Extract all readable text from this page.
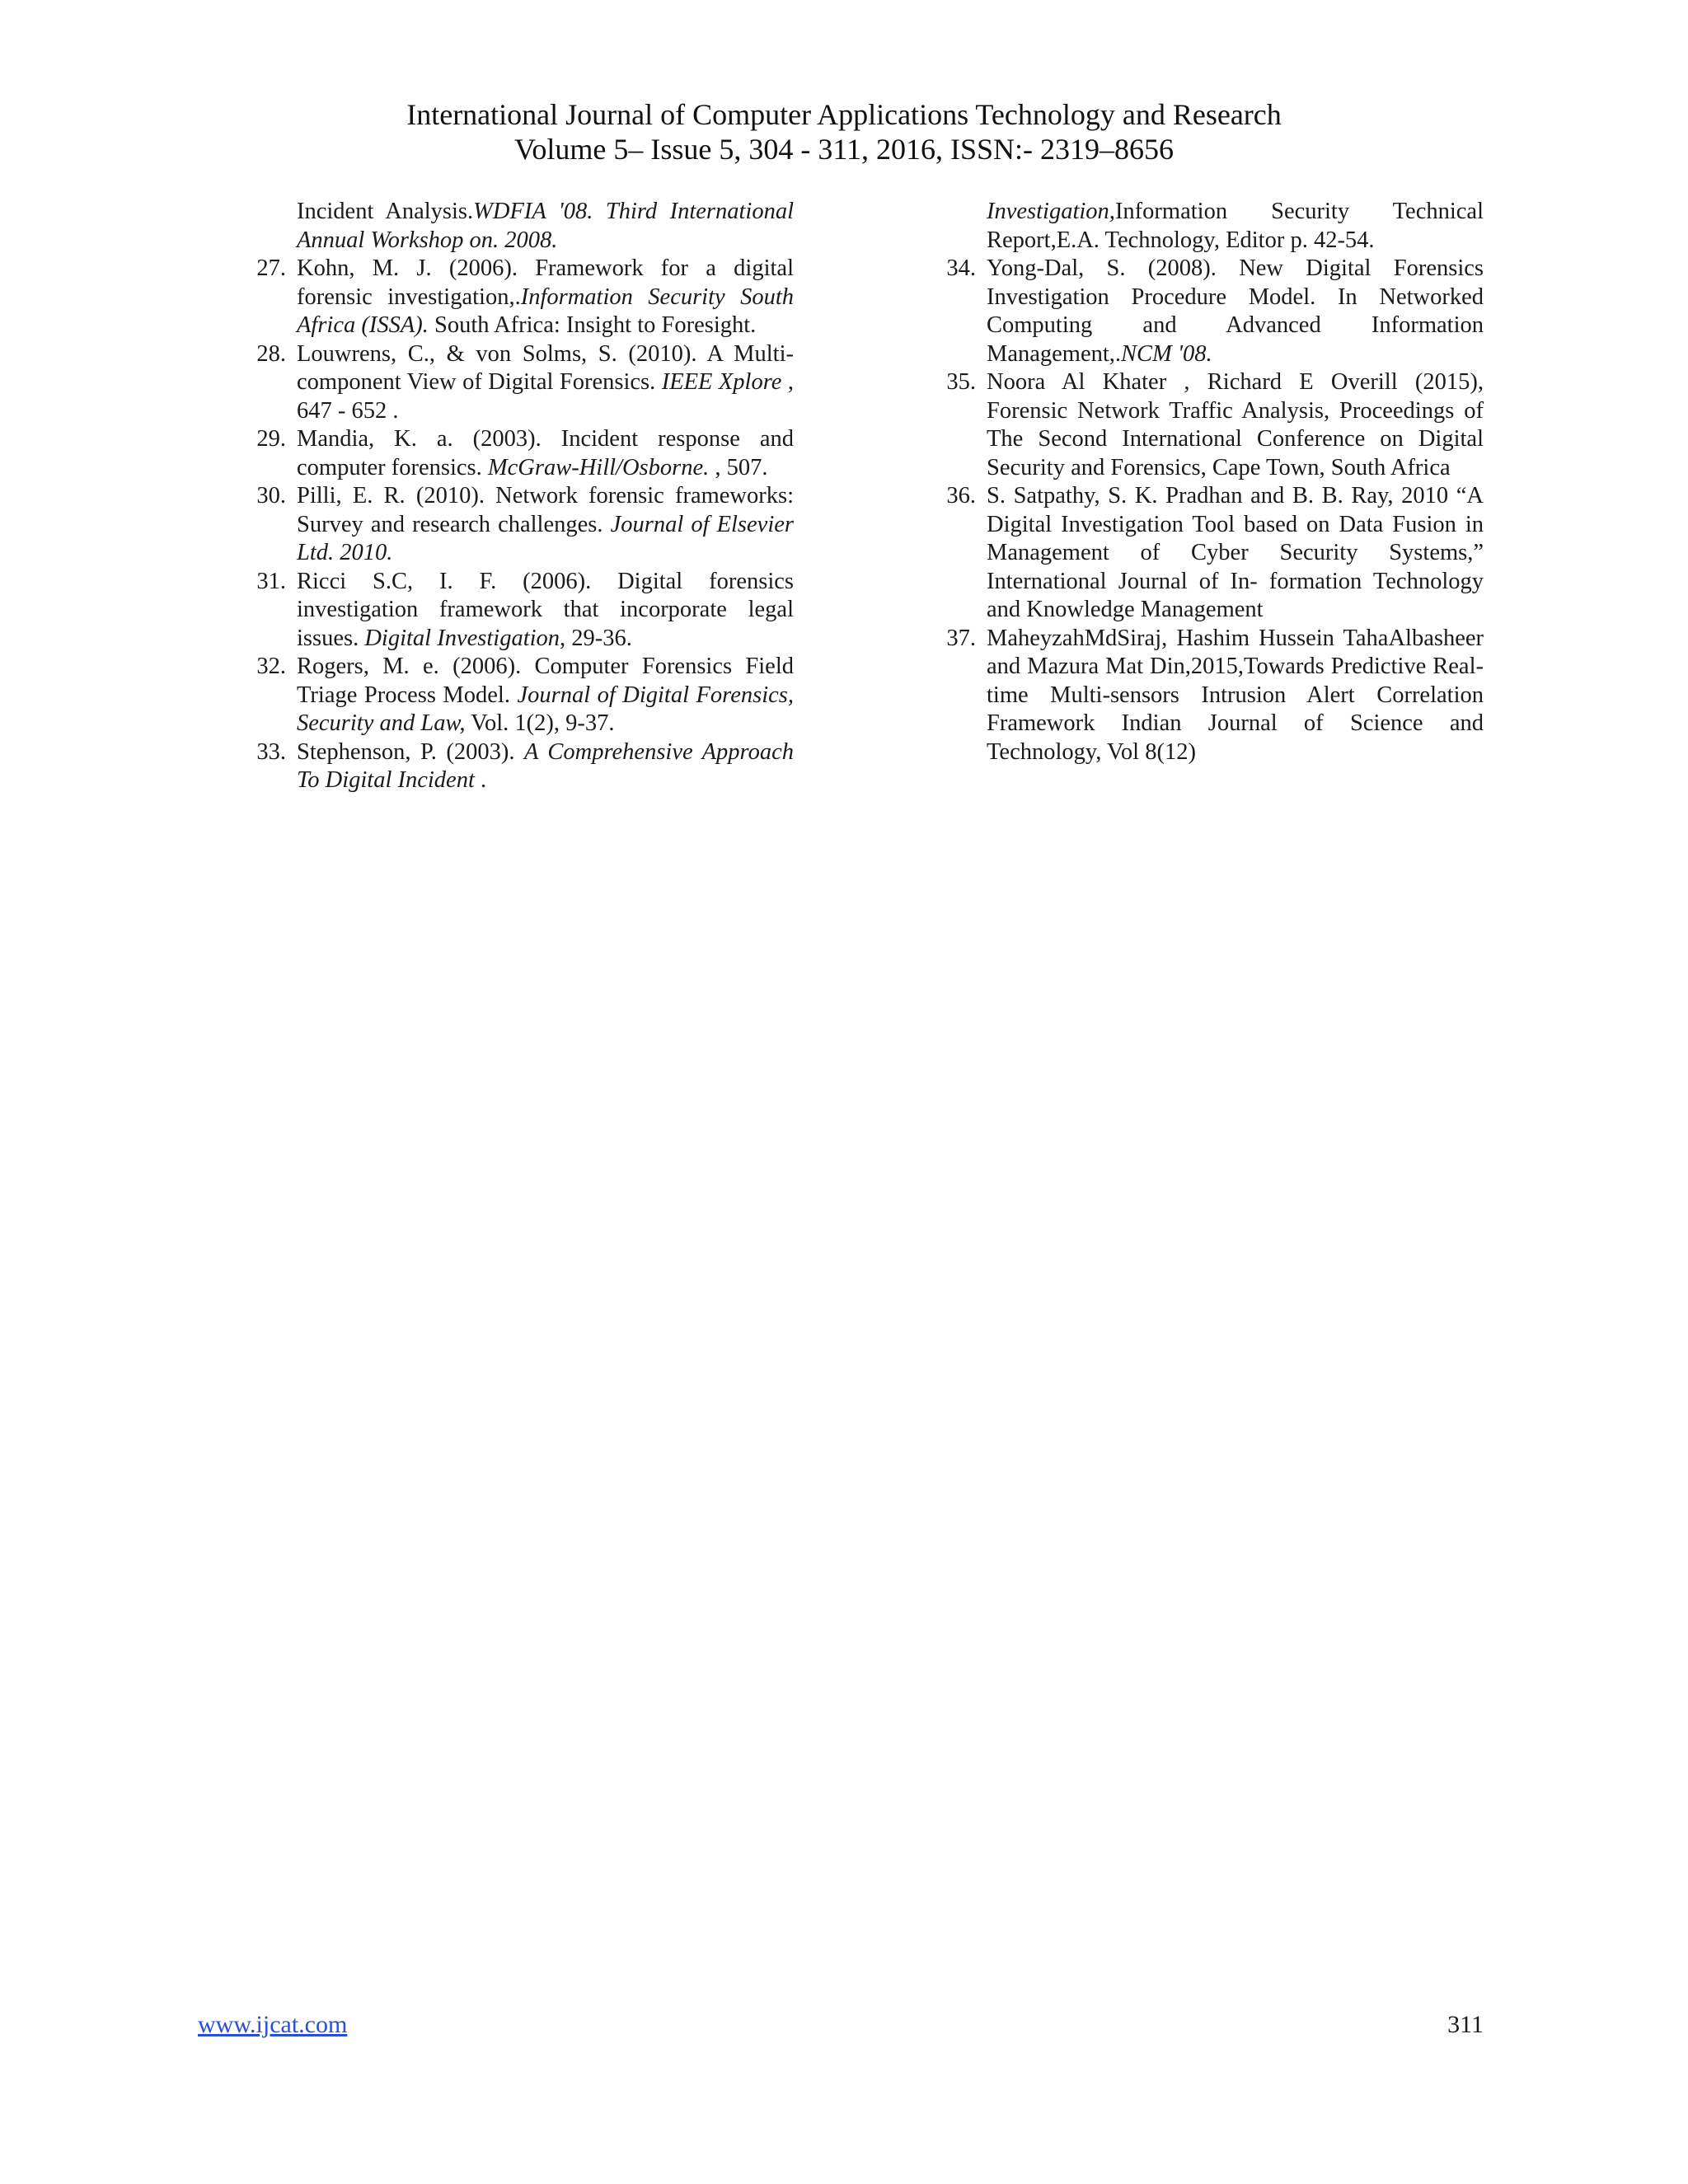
International Journal of Computer Applications Technology and Research
Volume 5– Issue 5, 304 - 311, 2016, ISSN:- 2319–8656
Incident Analysis.WDFIA '08. Third International Annual Workshop on. 2008.
27. Kohn, M. J. (2006). Framework for a digital forensic investigation,.Information Security South Africa (ISSA). South Africa: Insight to Foresight.
28. Louwrens, C., & von Solms, S. (2010). A Multi-component View of Digital Forensics. IEEE Xplore , 647 - 652 .
29. Mandia, K. a. (2003). Incident response and computer forensics. McGraw-Hill/Osborne. , 507.
30. Pilli, E. R. (2010). Network forensic frameworks: Survey and research challenges. Journal of Elsevier Ltd. 2010.
31. Ricci S.C, I. F. (2006). Digital forensics investigation framework that incorporate legal issues. Digital Investigation, 29-36.
32. Rogers, M. e. (2006). Computer Forensics Field Triage Process Model. Journal of Digital Forensics, Security and Law, Vol. 1(2), 9-37.
33. Stephenson, P. (2003). A Comprehensive Approach To Digital Incident .
Investigation,Information Security Technical Report,E.A. Technology, Editor p. 42-54.
34. Yong-Dal, S. (2008). New Digital Forensics Investigation Procedure Model. In Networked Computing and Advanced Information Management,.NCM '08.
35. Noora Al Khater , Richard E Overill (2015), Forensic Network Traffic Analysis, Proceedings of The Second International Conference on Digital Security and Forensics, Cape Town, South Africa
36. S. Satpathy, S. K. Pradhan and B. B. Ray, 2010 “A Digital Investigation Tool based on Data Fusion in Management of Cyber Security Systems,” International Journal of In- formation Technology and Knowledge Management
37. MaheyzahMdSiraj, Hashim Hussein TahaAlbasheer and Mazura Mat Din,2015,Towards Predictive Real-time Multi-sensors Intrusion Alert Correlation Framework Indian Journal of Science and Technology, Vol 8(12)
www.ijcat.com	311
